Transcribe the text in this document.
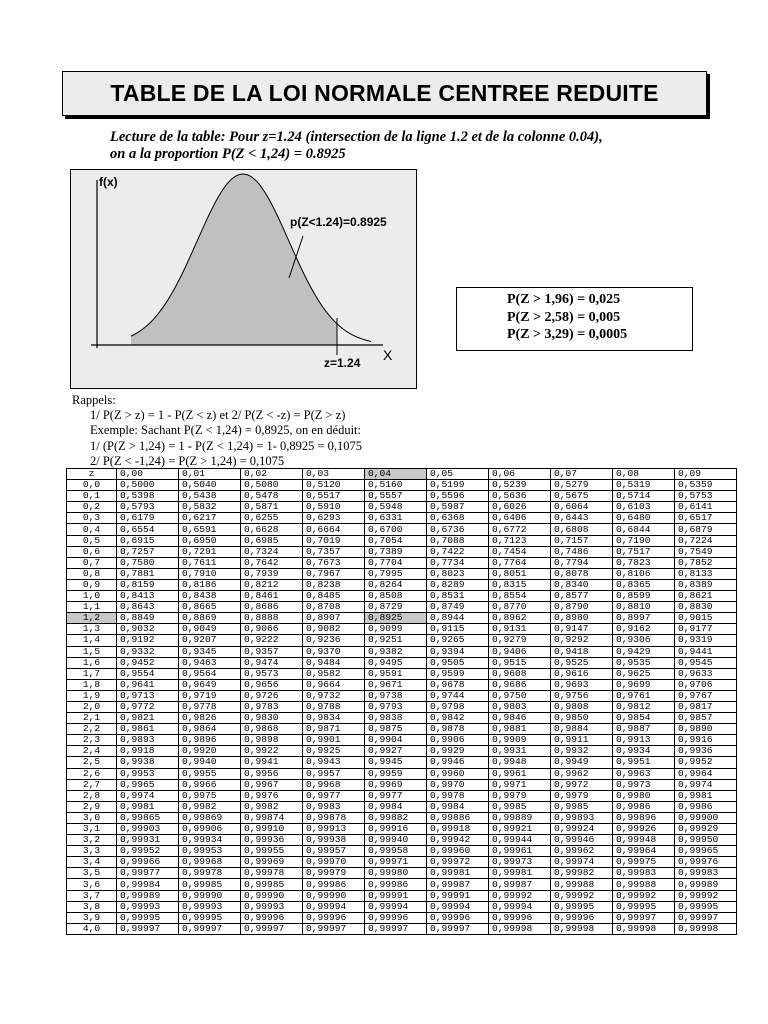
TABLE DE LA LOI NORMALE CENTREE REDUITE
Lecture de la table: Pour z=1.24 (intersection de la ligne 1.2 et de la colonne 0.04),
on a la proportion P(Z < 1,24) = 0.8925
f(x)
X
p(Z<1.24)=0.8925
z=1.24
P(Z > 1,96) = 0,025
P(Z > 2,58) = 0,005
P(Z > 3,29) = 0,0005
Rappels:
1/ P(Z > z) = 1 - P(Z < z) et 2/ P(Z < -z) = P(Z > z)
Exemple: Sachant P(Z < 1,24) = 0,8925, on en déduit:
1/ (P(Z > 1,24) = 1 - P(Z < 1,24) = 1- 0,8925 = 0,1075
2/ P(Z < -1,24) = P(Z > 1,24) = 0,1075
z	0,00	0,01	0,02	0,03	0,04	0,05	0,06	0,07	0,08	0,09
0,0	0,5000	0,5040	0,5080	0,5120	0,5160	0,5199	0,5239	0,5279	0,5319	0,5359
0,1	0,5398	0,5438	0,5478	0,5517	0,5557	0,5596	0,5636	0,5675	0,5714	0,5753
0,2	0,5793	0,5832	0,5871	0,5910	0,5948	0,5987	0,6026	0,6064	0,6103	0,6141
0,3	0,6179	0,6217	0,6255	0,6293	0,6331	0,6368	0,6406	0,6443	0,6480	0,6517
0,4	0,6554	0,6591	0,6628	0,6664	0,6700	0,6736	0,6772	0,6808	0,6844	0,6879
0,5	0,6915	0,6950	0,6985	0,7019	0,7054	0,7088	0,7123	0,7157	0,7190	0,7224
0,6	0,7257	0,7291	0,7324	0,7357	0,7389	0,7422	0,7454	0,7486	0,7517	0,7549
0,7	0,7580	0,7611	0,7642	0,7673	0,7704	0,7734	0,7764	0,7794	0,7823	0,7852
0,8	0,7881	0,7910	0,7939	0,7967	0,7995	0,8023	0,8051	0,8078	0,8106	0,8133
0,9	0,8159	0,8186	0,8212	0,8238	0,8264	0,8289	0,8315	0,8340	0,8365	0,8389
1,0	0,8413	0,8438	0,8461	0,8485	0,8508	0,8531	0,8554	0,8577	0,8599	0,8621
1,1	0,8643	0,8665	0,8686	0,8708	0,8729	0,8749	0,8770	0,8790	0,8810	0,8830
1,2	0,8849	0,8869	0,8888	0,8907	0,8925	0,8944	0,8962	0,8980	0,8997	0,9015
1,3	0,9032	0,9049	0,9066	0,9082	0,9099	0,9115	0,9131	0,9147	0,9162	0,9177
1,4	0,9192	0,9207	0,9222	0,9236	0,9251	0,9265	0,9279	0,9292	0,9306	0,9319
1,5	0,9332	0,9345	0,9357	0,9370	0,9382	0,9394	0,9406	0,9418	0,9429	0,9441
1,6	0,9452	0,9463	0,9474	0,9484	0,9495	0,9505	0,9515	0,9525	0,9535	0,9545
1,7	0,9554	0,9564	0,9573	0,9582	0,9591	0,9599	0,9608	0,9616	0,9625	0,9633
1,8	0,9641	0,9649	0,9656	0,9664	0,9671	0,9678	0,9686	0,9693	0,9699	0,9706
1,9	0,9713	0,9719	0,9726	0,9732	0,9738	0,9744	0,9750	0,9756	0,9761	0,9767
2,0	0,9772	0,9778	0,9783	0,9788	0,9793	0,9798	0,9803	0,9808	0,9812	0,9817
2,1	0,9821	0,9826	0,9830	0,9834	0,9838	0,9842	0,9846	0,9850	0,9854	0,9857
2,2	0,9861	0,9864	0,9868	0,9871	0,9875	0,9878	0,9881	0,9884	0,9887	0,9890
2,3	0,9893	0,9896	0,9898	0,9901	0,9904	0,9906	0,9909	0,9911	0,9913	0,9916
2,4	0,9918	0,9920	0,9922	0,9925	0,9927	0,9929	0,9931	0,9932	0,9934	0,9936
2,5	0,9938	0,9940	0,9941	0,9943	0,9945	0,9946	0,9948	0,9949	0,9951	0,9952
2,6	0,9953	0,9955	0,9956	0,9957	0,9959	0,9960	0,9961	0,9962	0,9963	0,9964
2,7	0,9965	0,9966	0,9967	0,9968	0,9969	0,9970	0,9971	0,9972	0,9973	0,9974
2,8	0,9974	0,9975	0,9976	0,9977	0,9977	0,9978	0,9979	0,9979	0,9980	0,9981
2,9	0,9981	0,9982	0,9982	0,9983	0,9984	0,9984	0,9985	0,9985	0,9986	0,9986
3,0	0,99865	0,99869	0,99874	0,99878	0,99882	0,99886	0,99889	0,99893	0,99896	0,99900
3,1	0,99903	0,99906	0,99910	0,99913	0,99916	0,99918	0,99921	0,99924	0,99926	0,99929
3,2	0,99931	0,99934	0,99936	0,99938	0,99940	0,99942	0,99944	0,99946	0,99948	0,99950
3,3	0,99952	0,99953	0,99955	0,99957	0,99958	0,99960	0,99961	0,99962	0,99964	0,99965
3,4	0,99966	0,99968	0,99969	0,99970	0,99971	0,99972	0,99973	0,99974	0,99975	0,99976
3,5	0,99977	0,99978	0,99978	0,99979	0,99980	0,99981	0,99981	0,99982	0,99983	0,99983
3,6	0,99984	0,99985	0,99985	0,99986	0,99986	0,99987	0,99987	0,99988	0,99988	0,99989
3,7	0,99989	0,99990	0,99990	0,99990	0,99991	0,99991	0,99992	0,99992	0,99992	0,99992
3,8	0,99993	0,99993	0,99993	0,99994	0,99994	0,99994	0,99994	0,99995	0,99995	0,99995
3,9	0,99995	0,99995	0,99996	0,99996	0,99996	0,99996	0,99996	0,99996	0,99997	0,99997
4,0	0,99997	0,99997	0,99997	0,99997	0,99997	0,99997	0,99998	0,99998	0,99998	0,99998
